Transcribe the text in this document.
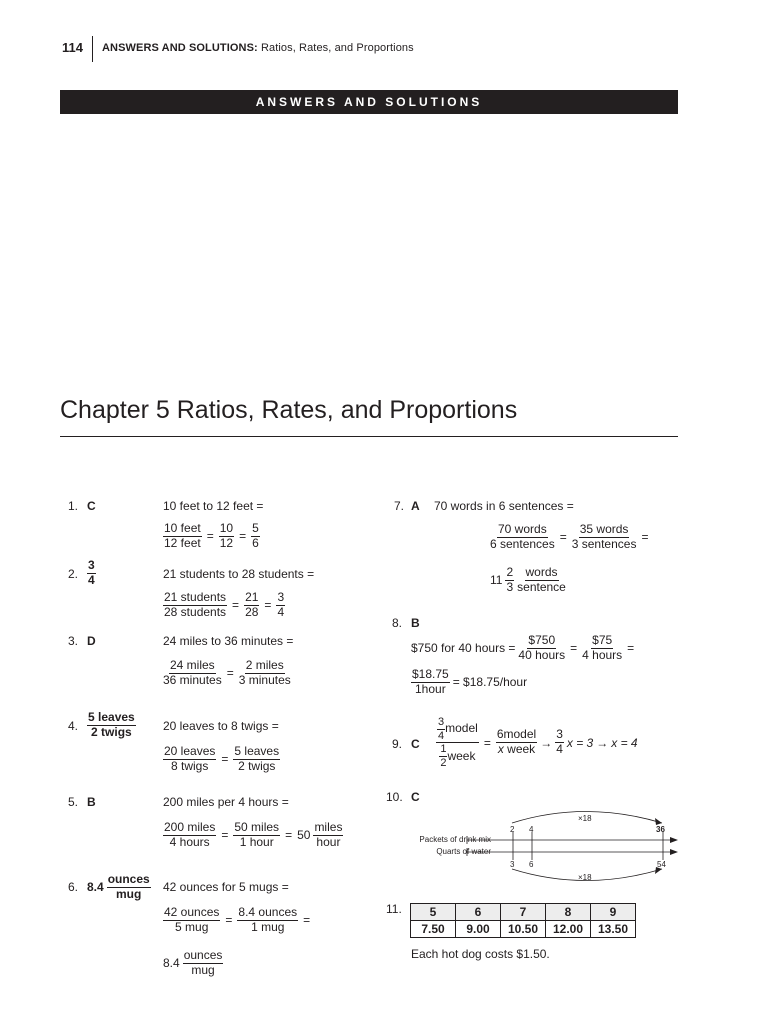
114 ANSWERS AND SOLUTIONS: Ratios, Rates, and Proportions
ANSWERS AND SOLUTIONS
Chapter 5 Ratios, Rates, and Proportions
1. C	10 feet to 12 feet =
$\frac{\text{10 feet}}{\text{12 feet}} = \frac{10}{12} = \frac{5}{6}$
2. $\frac{3}{4}$	21 students to 28 students =
$\frac{\text{21 students}}{\text{28 students}} = \frac{21}{28} = \frac{3}{4}$
3. D	24 miles to 36 minutes =
$\frac{\text{24 miles}}{\text{36 minutes}} = \frac{\text{2 miles}}{\text{3 minutes}}$
4. $\frac{\text{5 leaves}}{\text{2 twigs}} 20$ leaves to 8 twigs =
$\frac{\text{20 leaves}}{\text{8 twigs}} = \frac{\text{5 leaves}}{\text{2 twigs}}$
5. B	200 miles per 4 hours =
$\frac{\text{200 miles}}{\text{4 hours}} = \frac{\text{50 miles}}{\text{1 hour}} = 50 \frac{\text{miles}}{\text{hour}}$
6. $8.4 \frac{\text{ounces}}{\text{mug}} 42$ ounces for 5 mugs =
$\frac{\text{42 ounces}}{\text{5 mug}} = \frac{\text{8.4 ounces}}{\text{1 mug}}$ =
$8.4 \frac{\text{ounces}}{\text{mug}}$
7. A 70 words in 6 sentences =
$\frac{\text{70 words}}{\text{6 sentences}} = \frac{\text{35 words}}{\text{3 sentences}}$ =
$11 \frac{2}{3} \frac{\text{words}}{\text{sentence}}$
8. B
$750 for 40 hours = $\frac{\$750}{\text{40 hours}} = \frac{\$75}{\text{4 hours}}$ =
$\frac{\$18.75}{\text{1hour}}$ = $18.75/hour
9. C $\frac{\frac{3}{4} model}{\frac{1}{2} week} = \frac{\text{6model}}{\text{x week}} \to \frac{3}{4}$ x = 3 → x = 4
10. C
×18
2 4	36
3 6	54
×18
Packets of drink mix
Quarts of water
11. 5	6	7	8	9
7.50	9.00	10.50	12.00	13.50
Each hot dog costs $1.50.
